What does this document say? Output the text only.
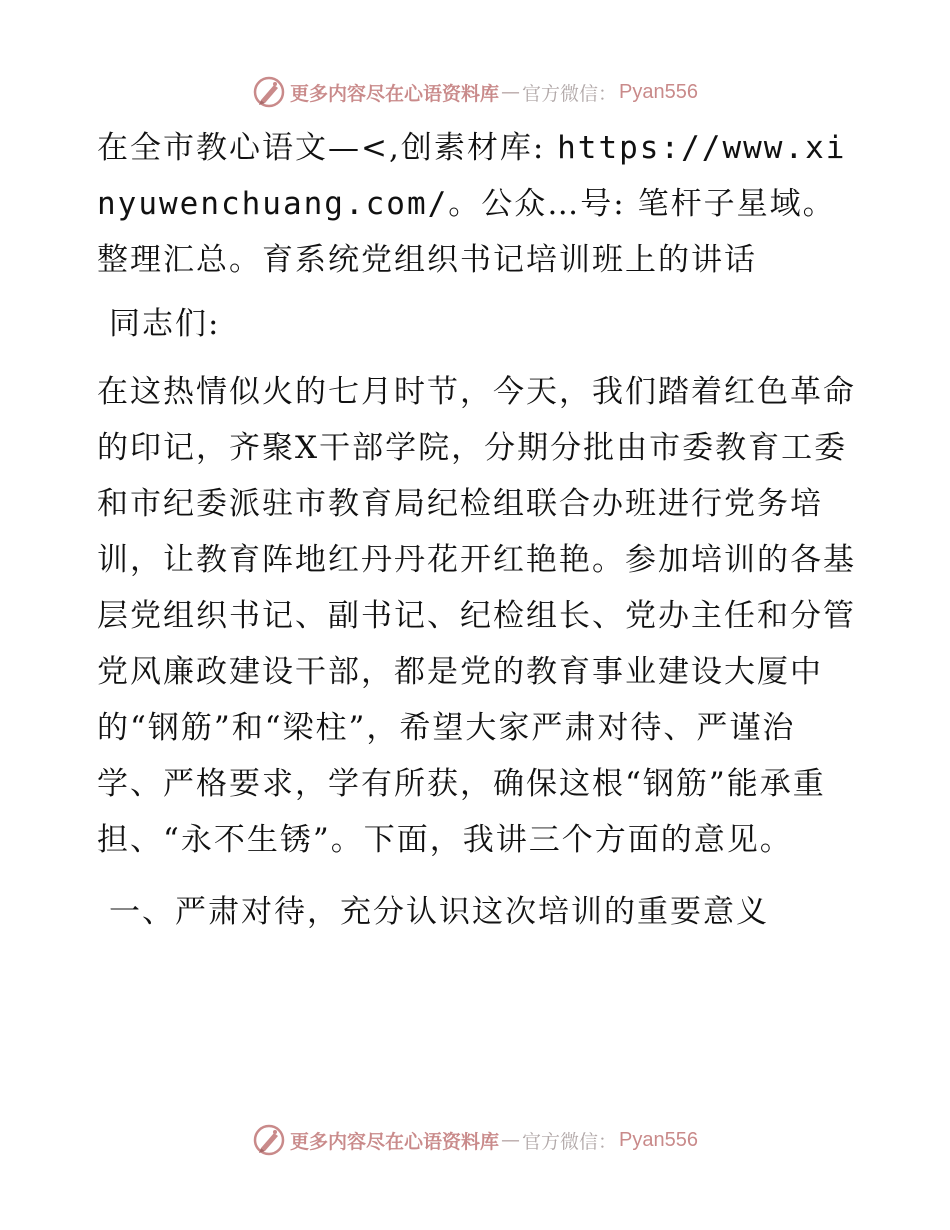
更多内容尽在心语资料库 — 官方微信： Pyan556

在全市教心语文—<,创素材库: https://www.xinyuwenchuang.com/。公众…号: 笔杆子星域。整理汇总。育系统党组织书记培训班上的讲话

同志们:

在这热情似火的七月时节，今天，我们踏着红色革命的印记，齐聚X干部学院，分期分批由市委教育工委和市纪委派驻市教育局纪检组联合办班进行党务培训，让教育阵地红丹丹花开红艳艳。参加培训的各基层党组织书记、副书记、纪检组长、党办主任和分管党风廉政建设干部，都是党的教育事业建设大厦中的“钢筋”和“梁柱”，希望大家严肃对待、严谨治学、严格要求，学有所获，确保这根“钢筋”能承重担、“永不生锈”。下面，我讲三个方面的意见。

一、严肃对待，充分认识这次培训的重要意义

更多内容尽在心语资料库 — 官方微信： Pyan556
